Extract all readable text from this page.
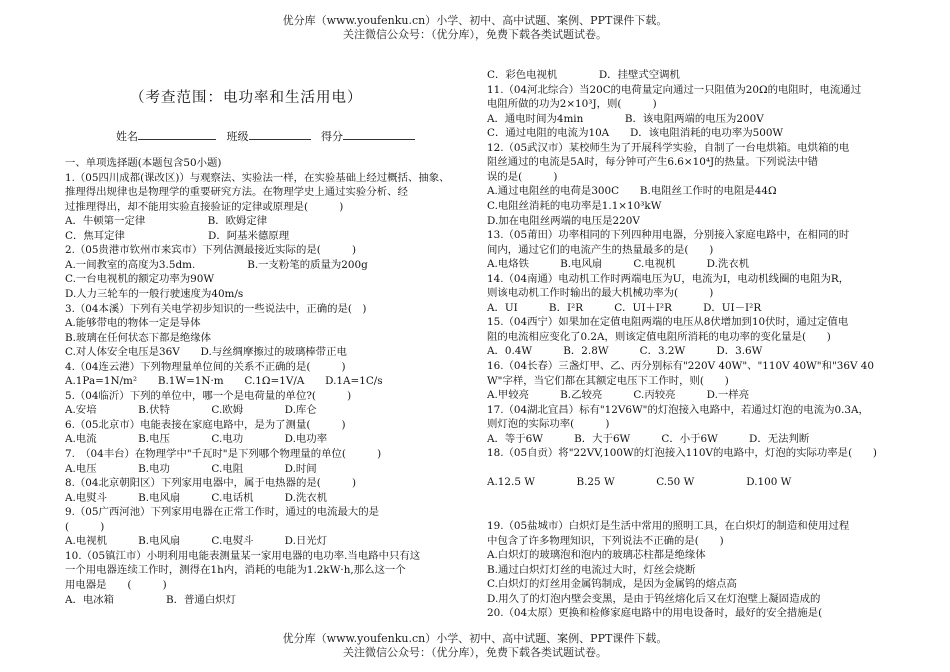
优分库（www.youfenku.cn）小学、初中、高中试题、案例、PPT课件下载。
关注微信公众号：（优分库），免费下载各类试题试卷。
（考查范围：电功率和生活用电）
姓名	班级	得分
一、单项选择题(本题包含50小题)
1.（05四川成都(课改区)）与观察法、实验法一样，在实验基础上经过概括、抽象、
推理得出规律也是物理学的重要研究方法。在物理学史上通过实验分析、经
过推理得出，却不能用实验直接验证的定律或原理是(　　　)
A．牛顿第一定律　　　　　　B．欧姆定律
C．焦耳定律　　　　　　　　D．阿基米德原理
2.（05贵港市钦州市来宾市）下列估测最接近实际的是(　　　)
A.一间教室的高度为3.5dm.　　　　　B.一支粉笔的质量为200g
C.一台电视机的额定功率为90W
D.人力三轮车的一般行驶速度为40m/s
3.（04本溪）下列有关电学初步知识的一些说法中，正确的是(　)
A.能够带电的物体一定是导体
B.玻璃在任何状态下都是绝缘体
C.对人体安全电压是36V　　D.与丝绸摩擦过的玻璃棒带正电
4.（04连云港）下列物理量单位间的关系不正确的是(　　　)
A.1Pa=1N/m²　　B.1W=1N·m　　C.1Ω=1V/A　　D.1A=1C/s
5.（04临沂）下列的单位中，哪一个是电荷量的单位?(　　　)
A.安培　　　　B.伏特　　　　C.欧姆　　　　D.库仑
6.（05北京市）电能表接在家庭电路中，是为了测量(　　　)
A.电流　　　　B.电压　　　　C.电功　　　　D.电功率
7.　（04丰台）在物理学中"千瓦时"是下列哪个物理量的单位(　　　)
A.电压　　　　B.电功　　　　C.电阻　　　　D.时间
8.（04北京朝阳区）下列家用电器中，属于电热器的是(　　　)
A.电熨斗　　　B.电风扇　　　C.电话机　　　D.洗衣机
9.（05广西河池）下列家用电器在正常工作时，通过的电流最大的是
(　　　)
A.电视机　　　B.电风扇　　　C.电熨斗　　　D.日光灯
10.（05镇江市）小明利用电能表测量某一家用电器的电功率.当电路中只有这
一个用电器连续工作时，测得在1h内，消耗的电能为1.2kW·h,那么这一个
用电器是　　(　　　)
A．电冰箱　　　　　B．普通白炽灯
C．彩色电视机　　　　D．挂壁式空调机
11.（04河北综合）当20C的电荷量定向通过一只阻值为20Ω的电阻时，电流通过
电阻所做的功为2×10³J，则(　　　)
A．通电时间为4min　　　　B．该电阻两端的电压为200V
C．通过电阻的电流为10A　　D．该电阻消耗的电功率为500W
12.（05武汉市）某校师生为了开展科学实验，自制了一台电烘箱。电烘箱的电
阻丝通过的电流是5A时，每分钟可产生6.6×10⁴J的热量。下列说法中错
误的是(　　　)
A.通过电阻丝的电荷是300C　　B.电阻丝工作时的电阻是44Ω
C.电阻丝消耗的电功率是1.1×10³kW
D.加在电阻丝两端的电压是220V
13.（05莆田）功率相同的下列四种用电器，分别接入家庭电路中，在相同的时
间内，通过它们的电流产生的热量最多的是(　　)
A.电烙铁　　　B.电风扇　　　C.电视机　　　D.洗衣机
14.（04南通）电动机工作时两端电压为U，电流为I，电动机线圈的电阻为R，
则该电动机工作时输出的最大机械功率为(　　　)
A．UI　　　B．I²R　　　C．UI＋I²R　　　D．UI－I²R
15.（04西宁）如果加在定值电阻两端的电压从8伏增加到10伏时，通过定值电
阻的电流相应变化了0.2A，则该定值电阻所消耗的电功率的变化量是(　　)
A．0.4W　　　B．2.8W　　　C．3.2W　　　D．3.6W
16.（04长春）三盏灯甲、乙、丙分别标有"220V 40W"、"110V 40W"和"36V 40
W"字样，当它们都在其额定电压下工作时，则(　　)
A.甲较亮　　　B.乙较亮　　　C.丙较亮　　　D.一样亮
17.（04湖北宜昌）标有"12V6W"的灯泡接入电路中，若通过灯泡的电流为0.3A，
则灯泡的实际功率(　　　)
A．等于6W　　　B．大于6W　　　C．小于6W　　　D．无法判断
18.（05自贡）将"22VV,100W的灯泡接入110V的电路中，灯泡的实际功率是(　　)
A.12.5 W　　　　B.25 W　　　　C.50 W　　　　　D.100 W
19.（05盐城市）白炽灯是生活中常用的照明工具，在白炽灯的制造和使用过程
中包含了许多物理知识，下列说法不正确的是(　　)
A.白炽灯的玻璃泡和泡内的玻璃芯柱都是绝缘体
B.通过白炽灯灯丝的电流过大时，灯丝会烧断
C.白炽灯的灯丝用金属钨制成，是因为金属钨的熔点高
D.用久了的灯泡内壁会变黑，是由于钨丝熔化后又在灯泡壁上凝固造成的
20.（04太原）更换和检修家庭电路中的用电设备时，最好的安全措施是(　　
优分库（www.youfenku.cn）小学、初中、高中试题、案例、PPT课件下载。
关注微信公众号：（优分库），免费下载各类试题试卷。
